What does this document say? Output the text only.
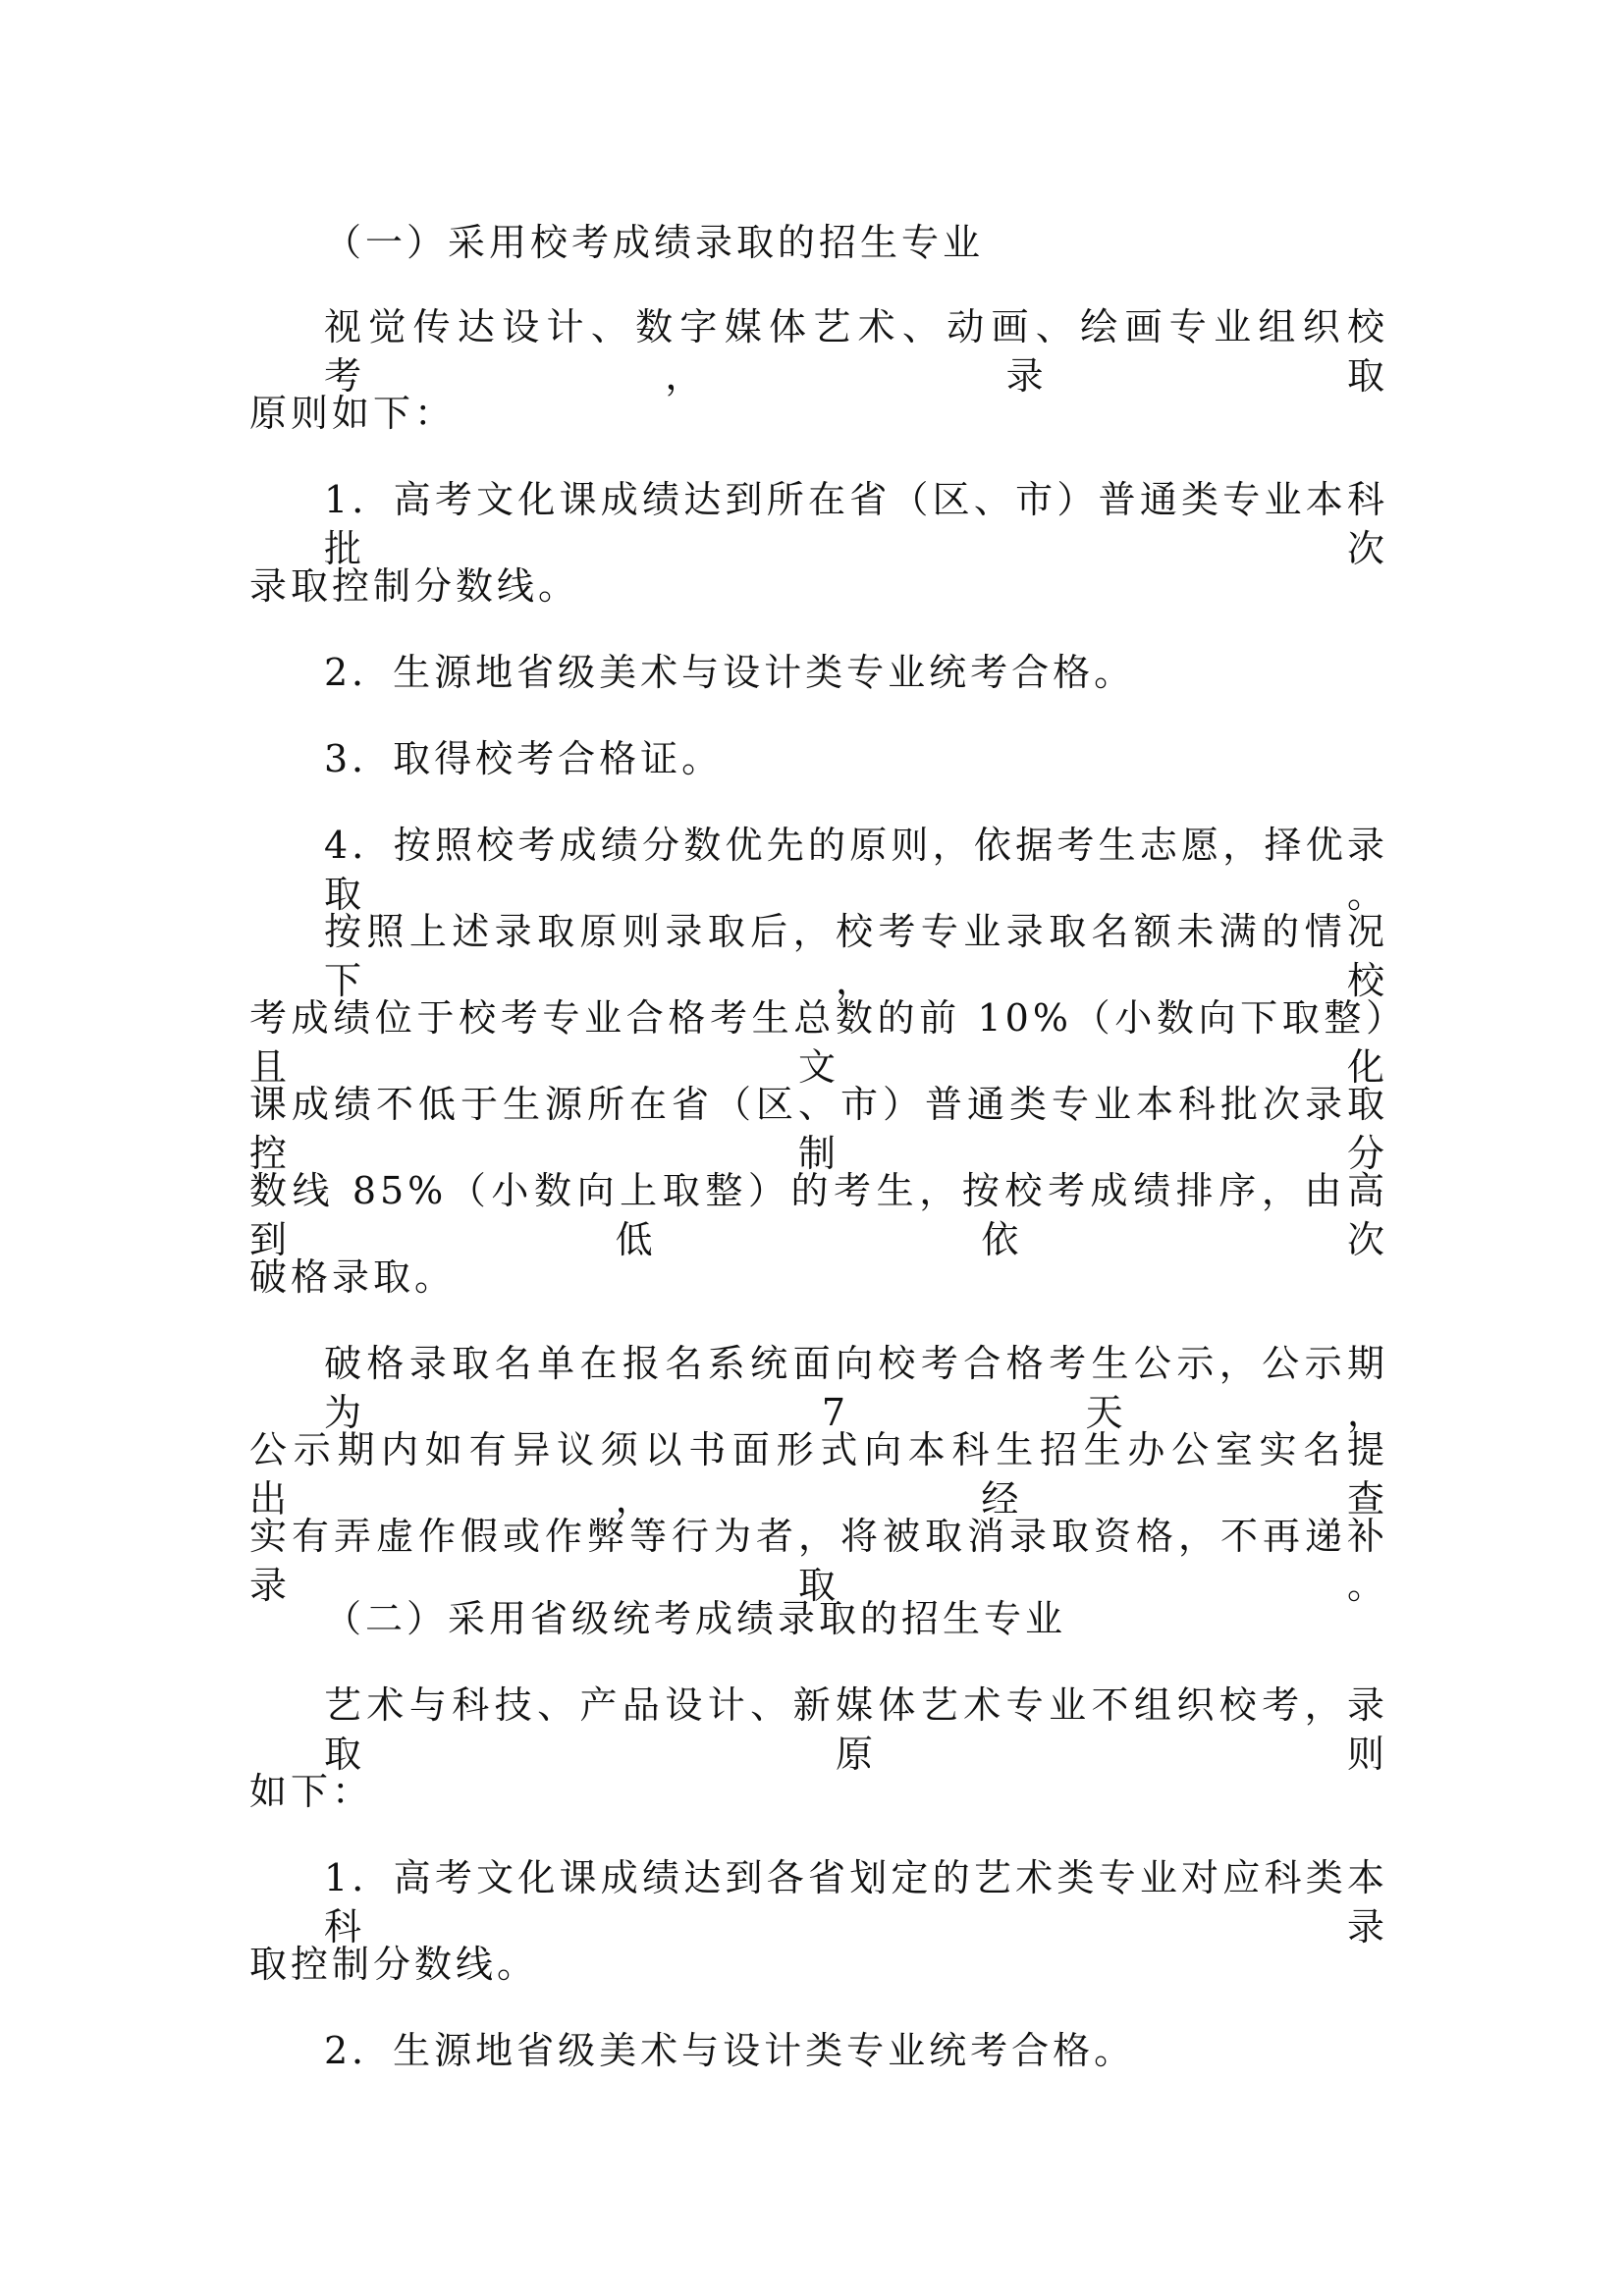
（一）采用校考成绩录取的招生专业

视觉传达设计、数字媒体艺术、动画、绘画专业组织校考，录取

原则如下：

1．高考文化课成绩达到所在省（区、市）普通类专业本科批次

录取控制分数线。

2．生源地省级美术与设计类专业统考合格。

3．取得校考合格证。

4．按照校考成绩分数优先的原则，依据考生志愿，择优录取。

按照上述录取原则录取后，校考专业录取名额未满的情况下，校

考成绩位于校考专业合格考生总数的前 10%（小数向下取整）且文化

课成绩不低于生源所在省（区、市）普通类专业本科批次录取控制分

数线 85%（小数向上取整）的考生，按校考成绩排序，由高到低依次

破格录取。

破格录取名单在报名系统面向校考合格考生公示，公示期为 7 天，

公示期内如有异议须以书面形式向本科生招生办公室实名提出，经查

实有弄虚作假或作弊等行为者，将被取消录取资格，不再递补录取。

（二）采用省级统考成绩录取的招生专业

艺术与科技、产品设计、新媒体艺术专业不组织校考，录取原则

如下：

1．高考文化课成绩达到各省划定的艺术类专业对应科类本科录

取控制分数线。

2．生源地省级美术与设计类专业统考合格。
